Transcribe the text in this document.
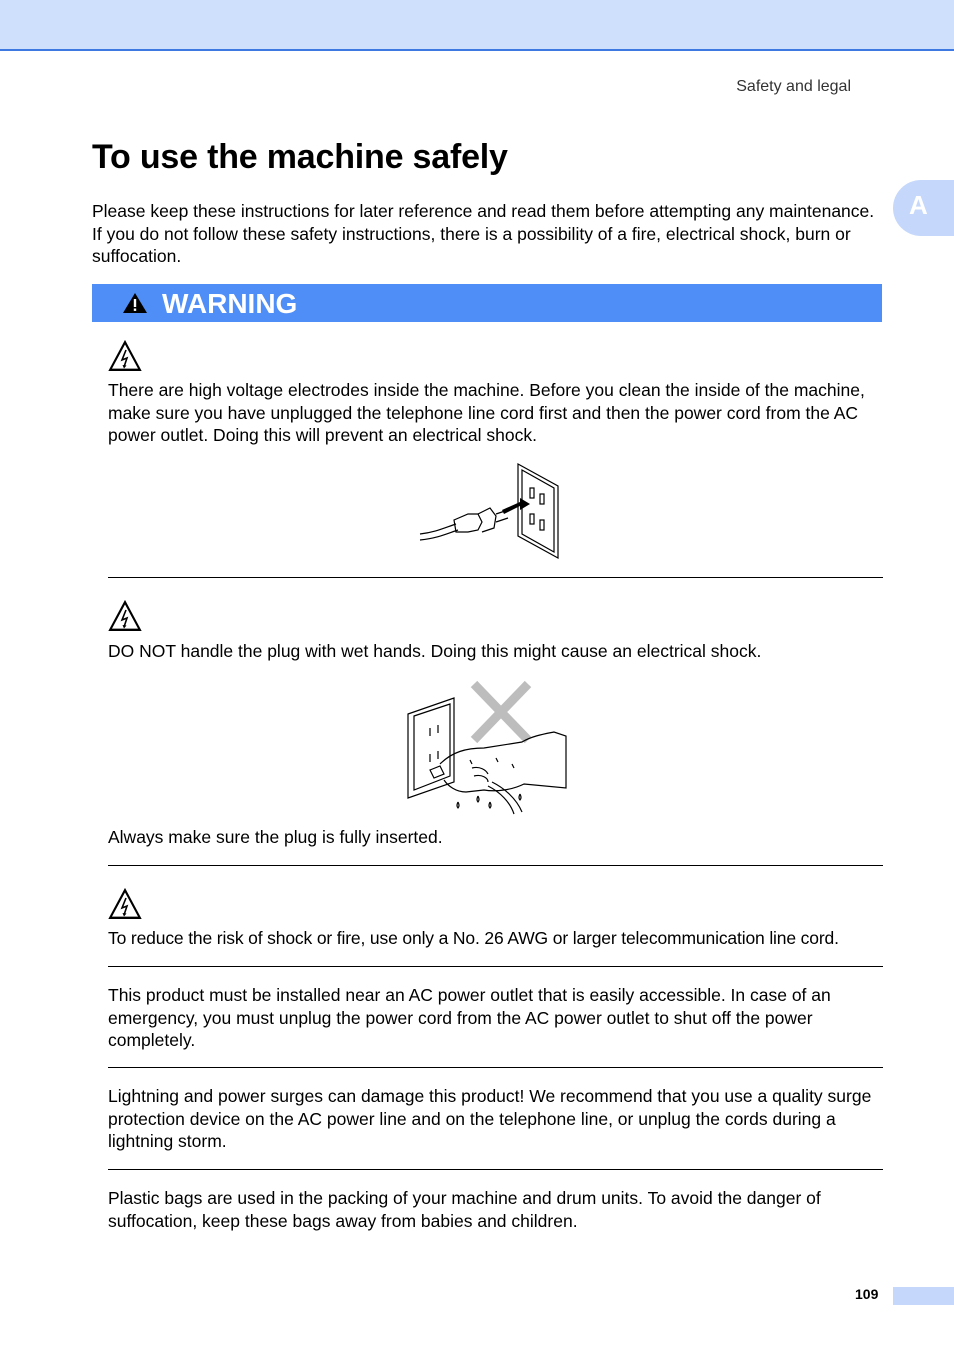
Safety and legal
A
To use the machine safely

Please keep these instructions for later reference and read them before attempting any maintenance. If you do not follow these safety instructions, there is a possibility of a fire, electrical shock, burn or suffocation.

WARNING

There are high voltage electrodes inside the machine. Before you clean the inside of the machine, make sure you have unplugged the telephone line cord first and then the power cord from the AC power outlet. Doing this will prevent an electrical shock.

DO NOT handle the plug with wet hands. Doing this might cause an electrical shock.

Always make sure the plug is fully inserted.

To reduce the risk of shock or fire, use only a No. 26 AWG or larger telecommunication line cord.

This product must be installed near an AC power outlet that is easily accessible. In case of an emergency, you must unplug the power cord from the AC power outlet to shut off the power completely.

Lightning and power surges can damage this product! We recommend that you use a quality surge protection device on the AC power line and on the telephone line, or unplug the cords during a lightning storm.

Plastic bags are used in the packing of your machine and drum units. To avoid the danger of suffocation, keep these bags away from babies and children.

109
